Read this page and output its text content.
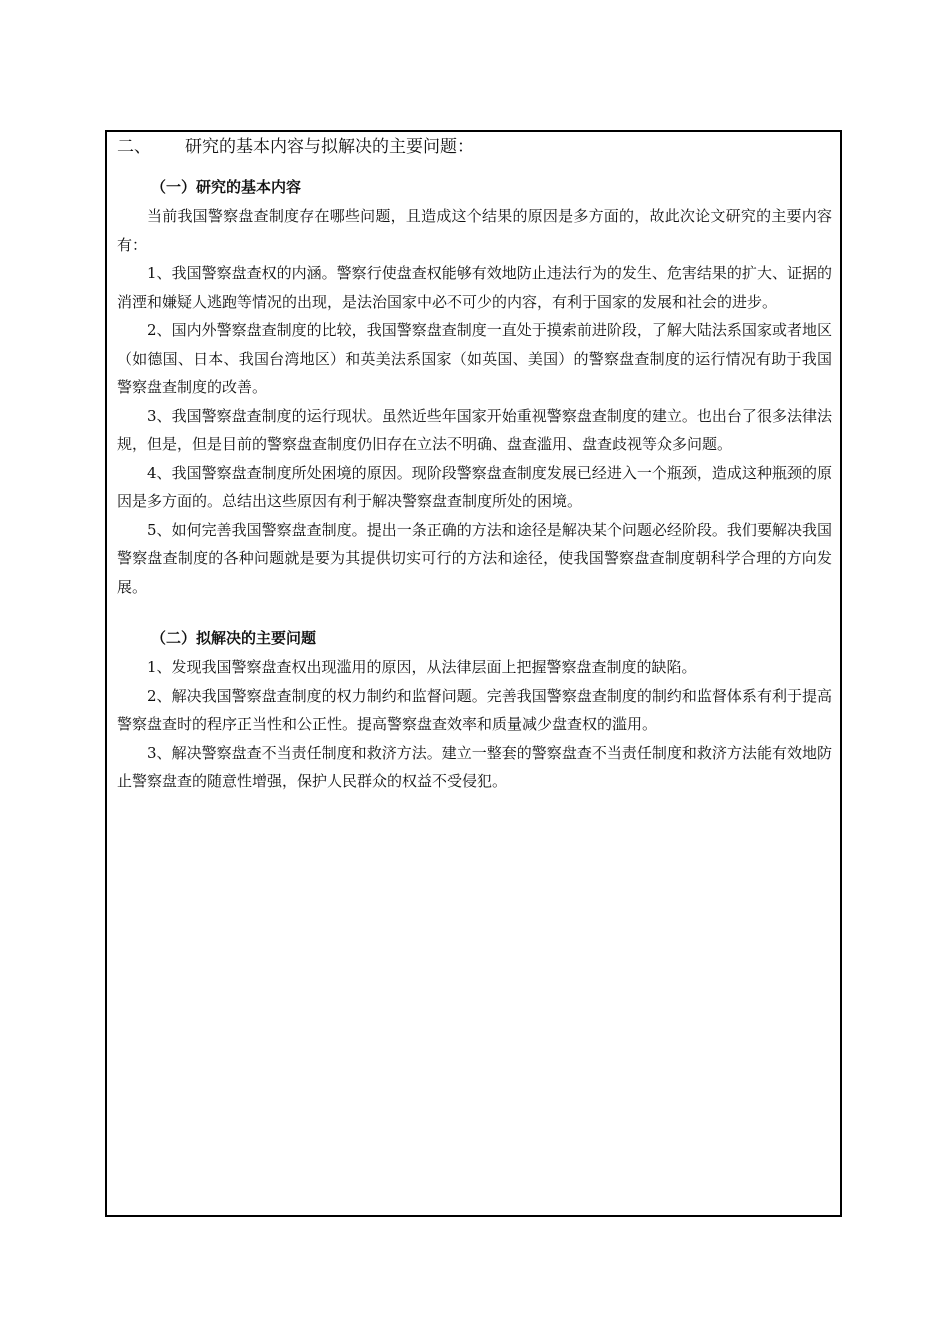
二、 研究的基本内容与拟解决的主要问题：
（一）研究的基本内容

当前我国警察盘查制度存在哪些问题，且造成这个结果的原因是多方面的，故此次论文研究的主要内容有：

1、我国警察盘查权的内涵。警察行使盘查权能够有效地防止违法行为的发生、危害结果的扩大、证据的消湮和嫌疑人逃跑等情况的出现，是法治国家中必不可少的内容，有利于国家的发展和社会的进步。

2、国内外警察盘查制度的比较，我国警察盘查制度一直处于摸索前进阶段，了解大陆法系国家或者地区（如德国、日本、我国台湾地区）和英美法系国家（如英国、美国）的警察盘查制度的运行情况有助于我国警察盘查制度的改善。

3、我国警察盘查制度的运行现状。虽然近些年国家开始重视警察盘查制度的建立。也出台了很多法律法规，但是，但是目前的警察盘查制度仍旧存在立法不明确、盘查滥用、盘查歧视等众多问题。

4、我国警察盘查制度所处困境的原因。现阶段警察盘查制度发展已经进入一个瓶颈，造成这种瓶颈的原因是多方面的。总结出这些原因有利于解决警察盘查制度所处的困境。

5、如何完善我国警察盘查制度。提出一条正确的方法和途径是解决某个问题必经阶段。我们要解决我国警察盘查制度的各种问题就是要为其提供切实可行的方法和途径，使我国警察盘查制度朝科学合理的方向发展。

（二）拟解决的主要问题

1、发现我国警察盘查权出现滥用的原因，从法律层面上把握警察盘查制度的缺陷。

2、解决我国警察盘查制度的权力制约和监督问题。完善我国警察盘查制度的制约和监督体系有利于提高警察盘查时的程序正当性和公正性。提高警察盘查效率和质量减少盘查权的滥用。

3、解决警察盘查不当责任制度和救济方法。建立一整套的警察盘查不当责任制度和救济方法能有效地防止警察盘查的随意性增强，保护人民群众的权益不受侵犯。
